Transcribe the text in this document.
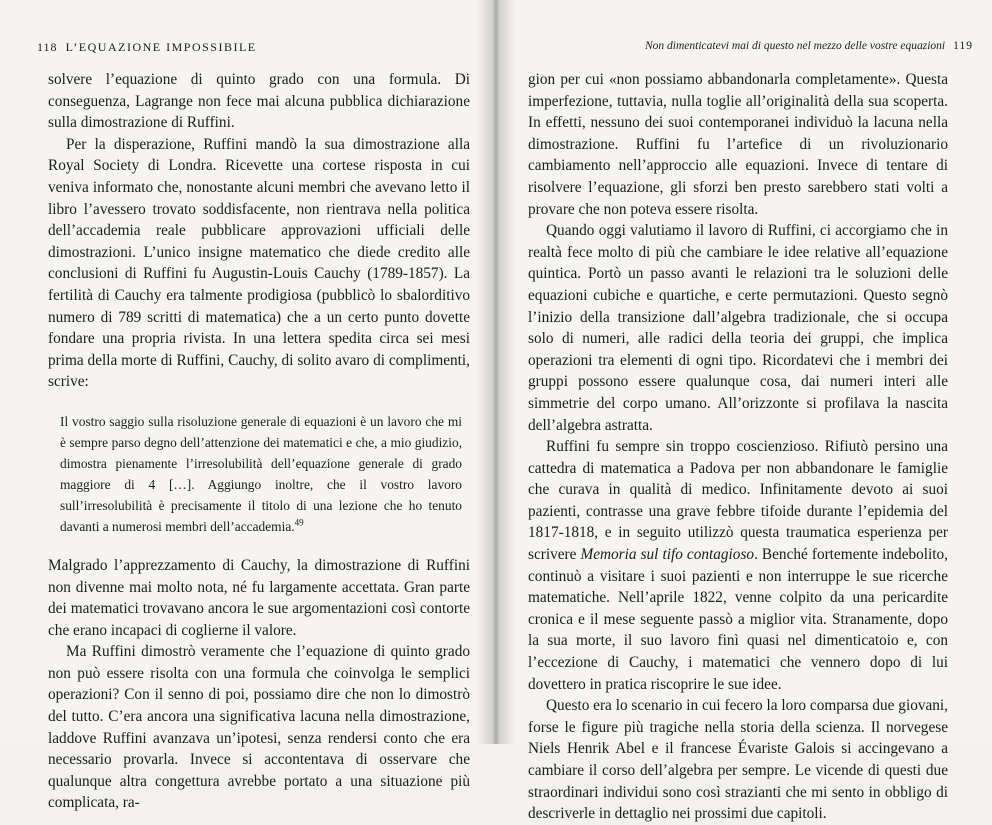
118 L’EQUAZIONE IMPOSSIBILE	Non dimenticatevi mai di questo nel mezzo delle vostre equazioni 119

solvere l’equazione di quinto grado con una formula. Di conseguenza, Lagrange non fece mai alcuna pubblica dichiarazione sulla dimostrazione di Ruffini.

Per la disperazione, Ruffini mandò la sua dimostrazione alla Royal Society di Londra. Ricevette una cortese risposta in cui veniva informato che, nonostante alcuni membri che avevano letto il libro l’avessero trovato soddisfacente, non rientrava nella politica dell’accademia reale pubblicare approvazioni ufficiali delle dimostrazioni. L’unico insigne matematico che diede credito alle conclusioni di Ruffini fu Augustin-Louis Cauchy (1789-1857). La fertilità di Cauchy era talmente prodigiosa (pubblicò lo sbalorditivo numero di 789 scritti di matematica) che a un certo punto dovette fondare una propria rivista. In una lettera spedita circa sei mesi prima della morte di Ruffini, Cauchy, di solito avaro di complimenti, scrive:

Il vostro saggio sulla risoluzione generale di equazioni è un lavoro che mi è sempre parso degno dell’attenzione dei matematici e che, a mio giudizio, dimostra pienamente l’irresolubilità dell’equazione generale di grado maggiore di 4 […]. Aggiungo inoltre, che il vostro lavoro sull’irresolubilità è precisamente il titolo di una lezione che ho tenuto davanti a numerosi membri dell’accademia.$^{49}$

Malgrado l’apprezzamento di Cauchy, la dimostrazione di Ruffini non divenne mai molto nota, né fu largamente accettata. Gran parte dei matematici trovavano ancora le sue argomentazioni così contorte che erano incapaci di coglierne il valore.

Ma Ruffini dimostrò veramente che l’equazione di quinto grado non può essere risolta con una formula che coinvolga le semplici operazioni? Con il senno di poi, possiamo dire che non lo dimostrò del tutto. C’era ancora una significativa lacuna nella dimostrazione, laddove Ruffini avanzava un’ipotesi, senza rendersi conto che era necessario provarla. Invece si accontentava di osservare che qualunque altra congettura avrebbe portato a una situazione più complicata, ra-

gion per cui «non possiamo abbandonarla completamente». Questa imperfezione, tuttavia, nulla toglie all’originalità della sua scoperta. In effetti, nessuno dei suoi contemporanei individuò la lacuna nella dimostrazione. Ruffini fu l’artefice di un rivoluzionario cambiamento nell’approccio alle equazioni. Invece di tentare di risolvere l’equazione, gli sforzi ben presto sarebbero stati volti a provare che non poteva essere risolta.

Quando oggi valutiamo il lavoro di Ruffini, ci accorgiamo che in realtà fece molto di più che cambiare le idee relative all’equazione quintica. Portò un passo avanti le relazioni tra le soluzioni delle equazioni cubiche e quartiche, e certe permutazioni. Questo segnò l’inizio della transizione dall’algebra tradizionale, che si occupa solo di numeri, alle radici della teoria dei gruppi, che implica operazioni tra elementi di ogni tipo. Ricordatevi che i membri dei gruppi possono essere qualunque cosa, dai numeri interi alle simmetrie del corpo umano. All’orizzonte si profilava la nascita dell’algebra astratta.

Ruffini fu sempre sin troppo coscienzioso. Rifiutò persino una cattedra di matematica a Padova per non abbandonare le famiglie che curava in qualità di medico. Infinitamente devoto ai suoi pazienti, contrasse una grave febbre tifoide durante l’epidemia del 1817-1818, e in seguito utilizzò questa traumatica esperienza per scrivere Memoria sul tifo contagioso. Benché fortemente indebolito, continuò a visitare i suoi pazienti e non interruppe le sue ricerche matematiche. Nell’aprile 1822, venne colpito da una pericardite cronica e il mese seguente passò a miglior vita. Stranamente, dopo la sua morte, il suo lavoro finì quasi nel dimenticatoio e, con l’eccezione di Cauchy, i matematici che vennero dopo di lui dovettero in pratica riscoprire le sue idee.

Questo era lo scenario in cui fecero la loro comparsa due giovani, forse le figure più tragiche nella storia della scienza. Il norvegese Niels Henrik Abel e il francese Évariste Galois si accingevano a cambiare il corso dell’algebra per sempre. Le vicende di questi due straordinari individui sono così strazianti che mi sento in obbligo di descriverle in dettaglio nei prossimi due capitoli.
